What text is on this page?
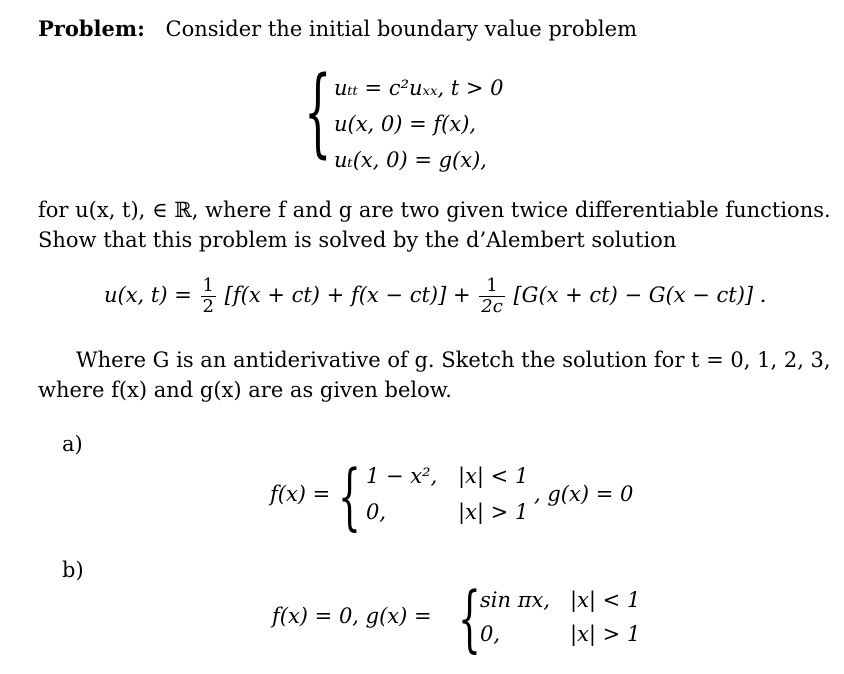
Problem: Consider the initial boundary value problem
{ uₜₜ = c²uₓₓ, t > 0
u(x, 0) = f(x),
uₜ(x, 0) = g(x),
for u(x, t), ∈ ℝ, where f and g are two given twice differentiable functions.
Show that this problem is solved by the d’Alembert solution
u(x, $t) = \frac{1}{2} [f(x + ct) + f(x - ct)] + \frac{1}{2c} [G(x + ct) - G(x - ct)]$ .
Where G is an antiderivative of g. Sketch the solution for t = 0, 1, 2, 3,
where f(x) and g(x) are as given below.
a)
f(x) = { 1 − x², |x| < 1
0,	|x| > 1
, g(x) = 0
b)
f(x) = 0, g(x) = { sin πx, |x| < 1
0,	|x| > 1
